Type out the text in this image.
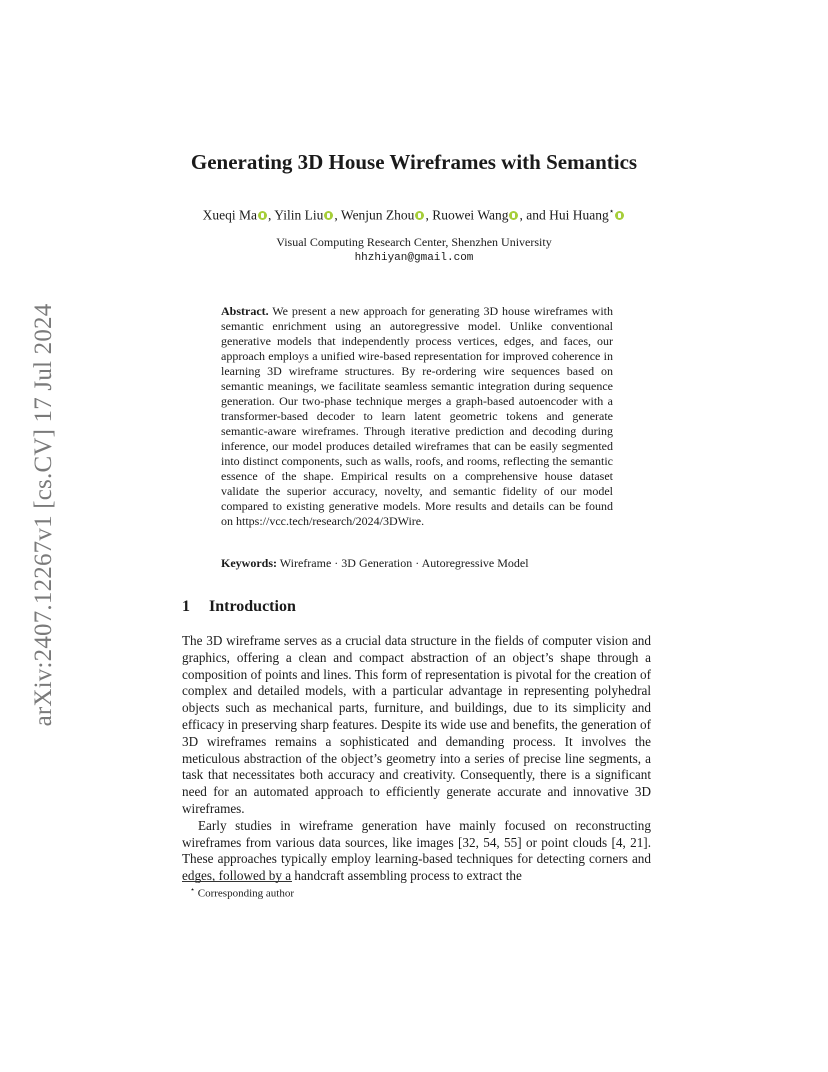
arXiv:2407.12267v1 [cs.CV] 17 Jul 2024
Generating 3D House Wireframes with Semantics
Xueqi Ma , Yilin Liu , Wenjun Zhou , Ruowei Wang , and Hui Huang⋆
Visual Computing Research Center, Shenzhen University
hhzhiyan@gmail.com

Abstract. We present a new approach for generating 3D house wireframes with semantic enrichment using an autoregressive model. Unlike conventional generative models that independently process vertices, edges, and faces, our approach employs a unified wire-based representation for improved coherence in learning 3D wireframe structures. By re-ordering wire sequences based on semantic meanings, we facilitate seamless semantic integration during sequence generation. Our two-phase technique merges a graph-based autoencoder with a transformer-based decoder to learn latent geometric tokens and generate semantic-aware wireframes. Through iterative prediction and decoding during inference, our model produces detailed wireframes that can be easily segmented into distinct components, such as walls, roofs, and rooms, reflecting the semantic essence of the shape. Empirical results on a comprehensive house dataset validate the superior accuracy, novelty, and semantic fidelity of our model compared to existing generative models. More results and details can be found on https://vcc.tech/research/2024/3DWire.

Keywords: Wireframe · 3D Generation · Autoregressive Model

1 Introduction

The 3D wireframe serves as a crucial data structure in the fields of computer vision and graphics, offering a clean and compact abstraction of an object’s shape through a composition of points and lines. This form of representation is pivotal for the creation of complex and detailed models, with a particular advantage in representing polyhedral objects such as mechanical parts, furniture, and buildings, due to its simplicity and efficacy in preserving sharp features. Despite its wide use and benefits, the generation of 3D wireframes remains a sophisticated and demanding process. It involves the meticulous abstraction of the object’s geometry into a series of precise line segments, a task that necessitates both accuracy and creativity. Consequently, there is a significant need for an automated approach to efficiently generate accurate and innovative 3D wireframes.

Early studies in wireframe generation have mainly focused on reconstructing wireframes from various data sources, like images [32, 54, 55] or point clouds [4, 21]. These approaches typically employ learning-based techniques for detecting corners and edges, followed by a handcraft assembling process to extract the

⋆ Corresponding author
